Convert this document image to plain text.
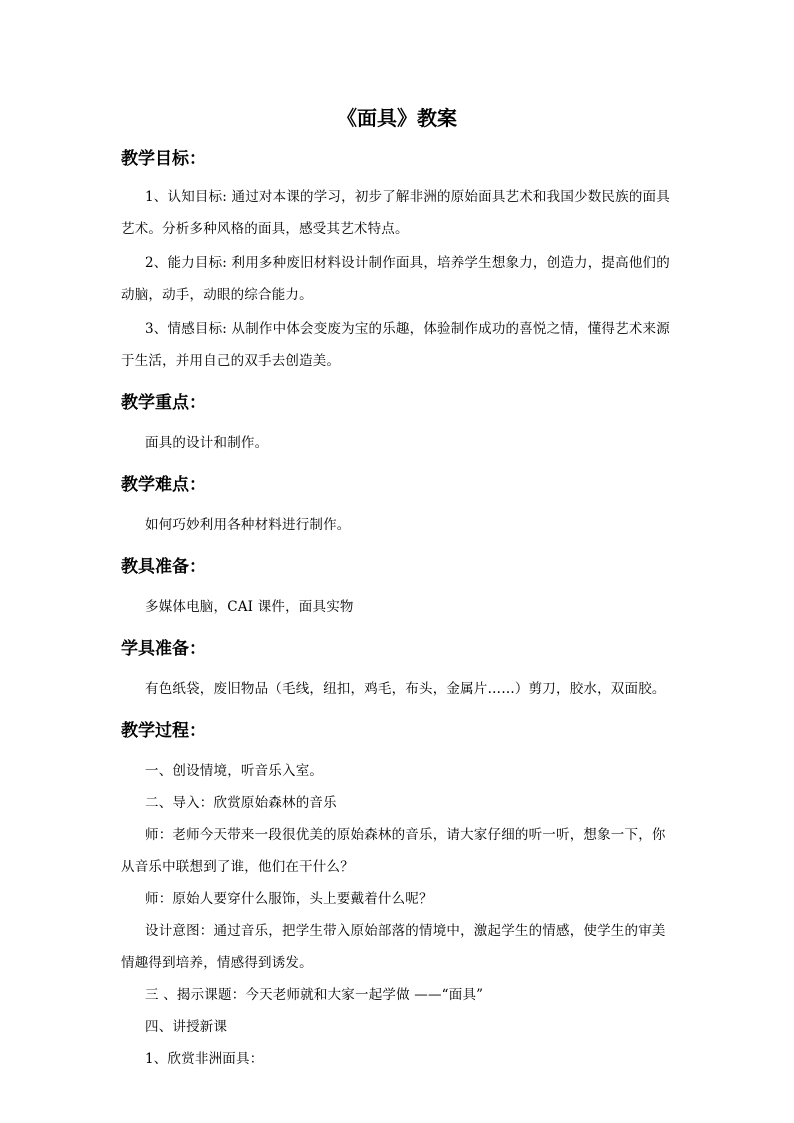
《面具》教案
教学目标：
1、认知目标: 通过对本课的学习，初步了解非洲的原始面具艺术和我国少数民族的面具艺术。分析多种风格的面具，感受其艺术特点。
2、能力目标: 利用多种废旧材料设计制作面具，培养学生想象力，创造力，提高他们的动脑，动手，动眼的综合能力。
3、情感目标: 从制作中体会变废为宝的乐趣，体验制作成功的喜悦之情，懂得艺术来源于生活，并用自己的双手去创造美。
教学重点：
面具的设计和制作。
教学难点：
如何巧妙利用各种材料进行制作。
教具准备：
多媒体电脑，CAI 课件，面具实物
学具准备：
有色纸袋，废旧物品（毛线，纽扣，鸡毛，布头，金属片……）剪刀，胶水，双面胶。
教学过程：
一、创设情境，听音乐入室。
二、导入：欣赏原始森林的音乐
师：老师今天带来一段很优美的原始森林的音乐，请大家仔细的听一听，想象一下，你从音乐中联想到了谁，他们在干什么？
师：原始人要穿什么服饰，头上要戴着什么呢？
设计意图：通过音乐，把学生带入原始部落的情境中，激起学生的情感，使学生的审美情趣得到培养，情感得到诱发。
三 、揭示课题：今天老师就和大家一起学做 ——“面具”
四、讲授新课
1、欣赏非洲面具：
